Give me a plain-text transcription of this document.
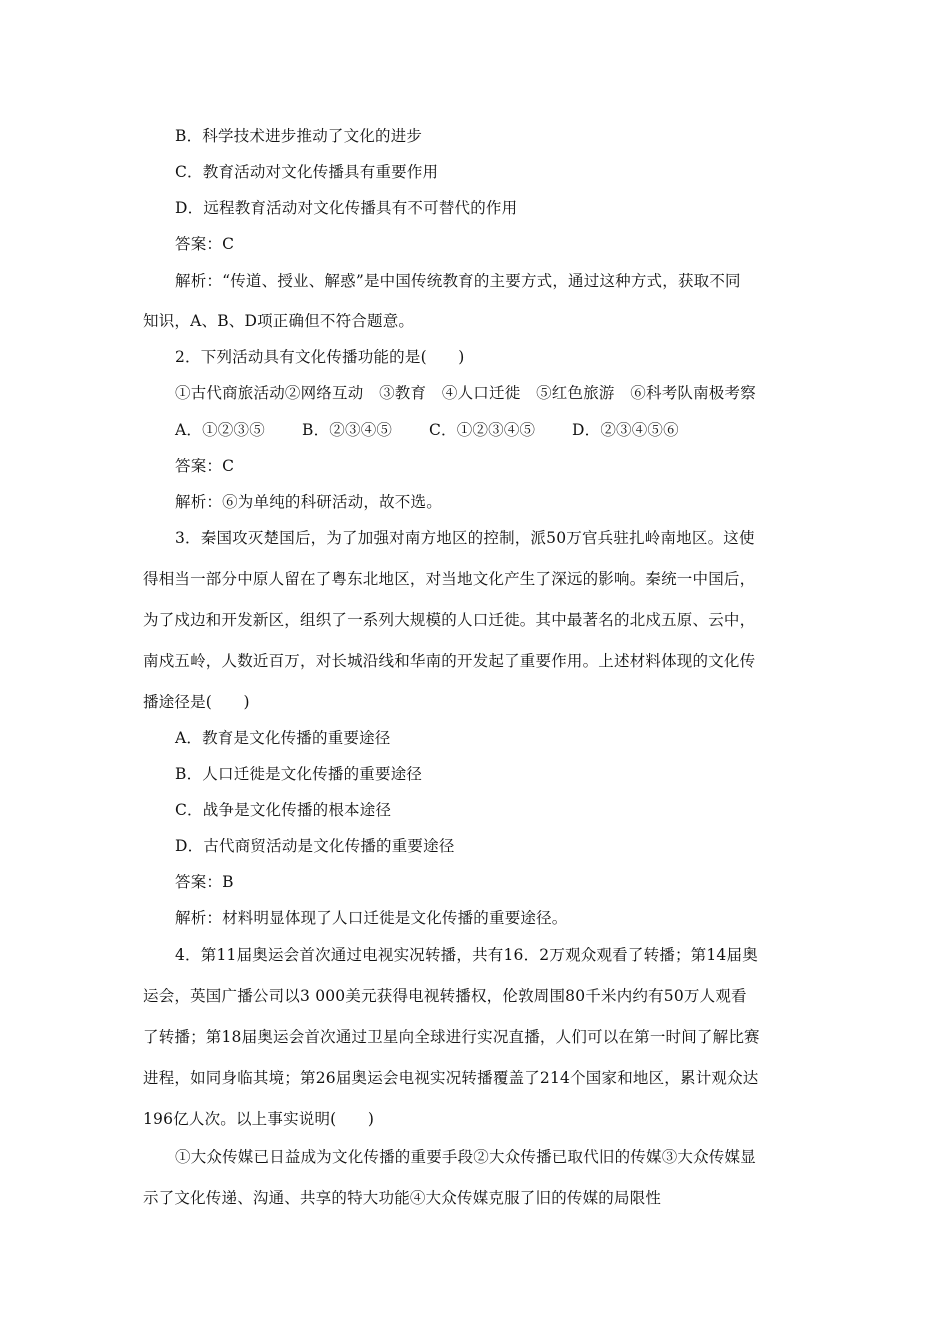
B．科学技术进步推动了文化的进步
C．教育活动对文化传播具有重要作用
D．远程教育活动对文化传播具有不可替代的作用
答案：C
解析：“传道、授业、解惑”是中国传统教育的主要方式，通过这种方式，获取不同
知识，A、B、D项正确但不符合题意。
2．下列活动具有文化传播功能的是(　　)
①古代商旅活动②网络互动　③教育　④人口迁徙　⑤红色旅游　⑥科考队南极考察
A．①②③⑤ B．②③④⑤ C．①②③④⑤ D．②③④⑤⑥
答案：C
解析：⑥为单纯的科研活动，故不选。
3．秦国攻灭楚国后，为了加强对南方地区的控制，派50万官兵驻扎岭南地区。这使
得相当一部分中原人留在了粤东北地区，对当地文化产生了深远的影响。秦统一中国后，
为了戍边和开发新区，组织了一系列大规模的人口迁徙。其中最著名的北戍五原、云中，
南戍五岭，人数近百万，对长城沿线和华南的开发起了重要作用。上述材料体现的文化传
播途径是(　　)
A．教育是文化传播的重要途径
B．人口迁徙是文化传播的重要途径
C．战争是文化传播的根本途径
D．古代商贸活动是文化传播的重要途径
答案：B
解析：材料明显体现了人口迁徙是文化传播的重要途径。
4．第11届奥运会首次通过电视实况转播，共有16．2万观众观看了转播；第14届奥
运会，英国广播公司以3 000美元获得电视转播权，伦敦周围80千米内约有50万人观看
了转播；第18届奥运会首次通过卫星向全球进行实况直播，人们可以在第一时间了解比赛
进程，如同身临其境；第26届奥运会电视实况转播覆盖了214个国家和地区，累计观众达
196亿人次。以上事实说明(　　)
①大众传媒已日益成为文化传播的重要手段②大众传播已取代旧的传媒③大众传媒显
示了文化传递、沟通、共享的特大功能④大众传媒克服了旧的传媒的局限性
